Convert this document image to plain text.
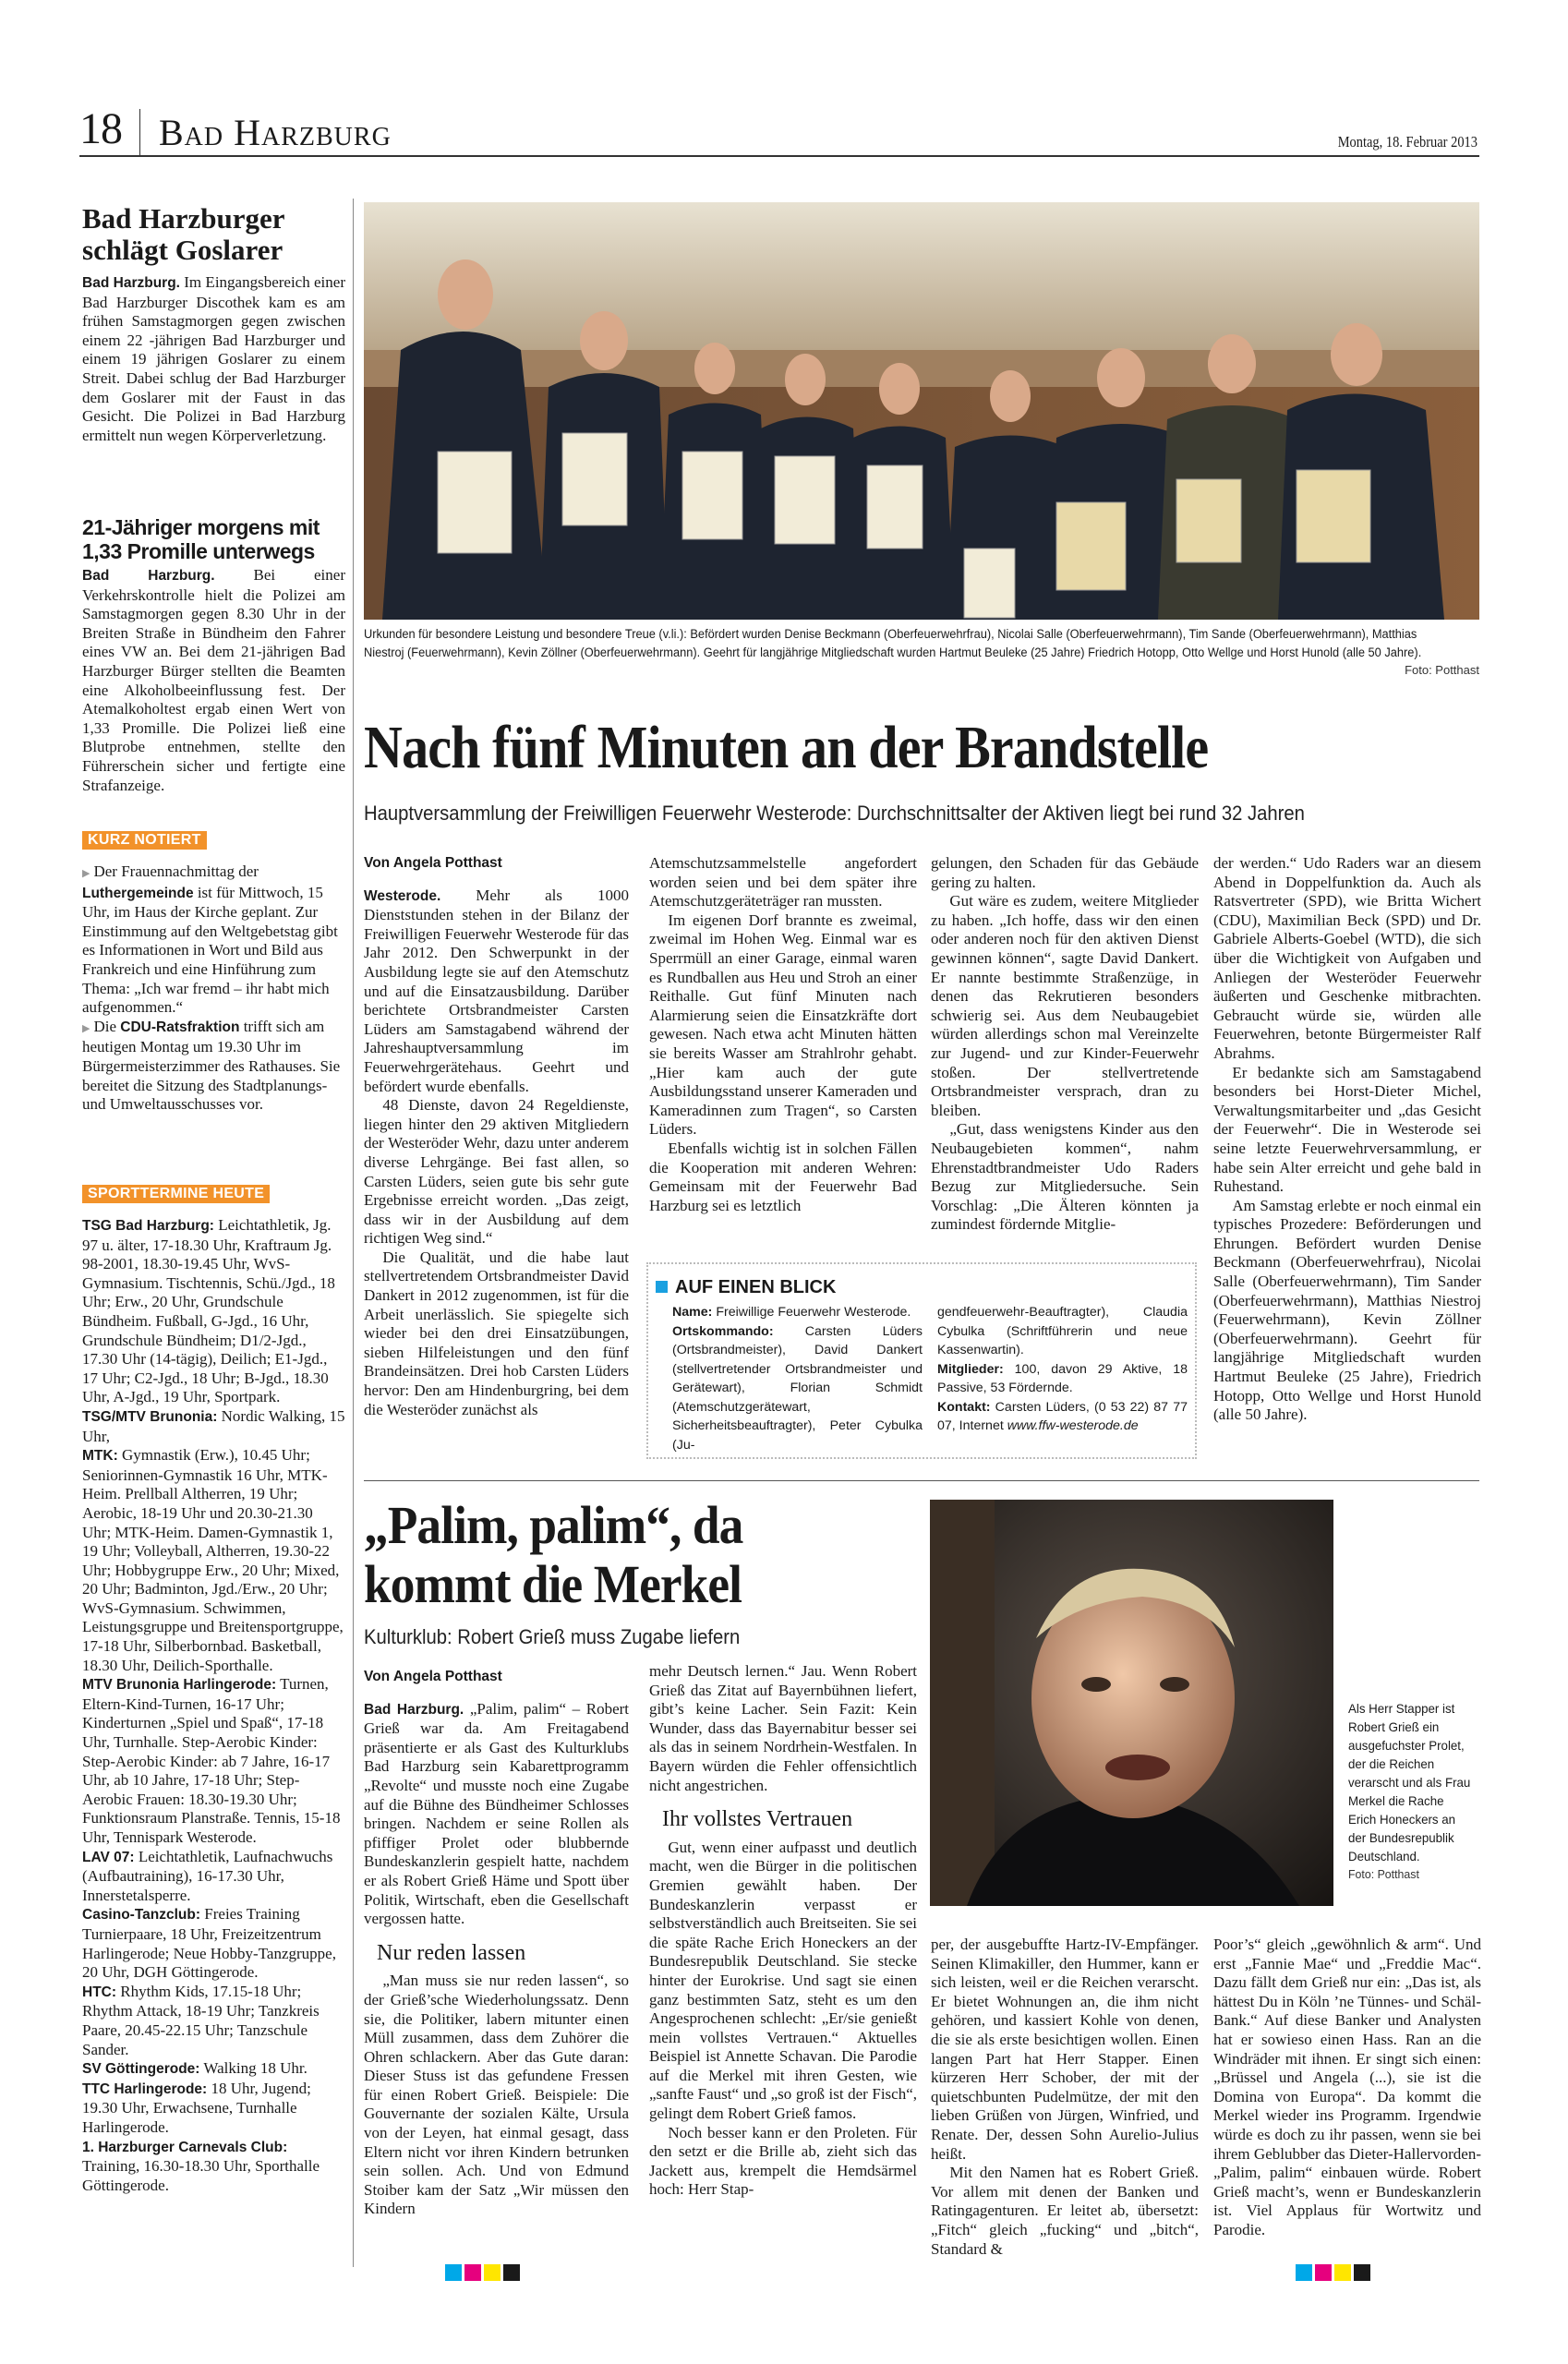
18 Bad Harzburg	Montag, 18. Februar 2013
Bad Harzburger schlägt Goslarer

Bad Harzburg. Im Eingangsbereich einer Bad Harzburger Discothek kam es am frühen Samstagmorgen gegen zwischen einem 22 -jährigen Bad Harzburger und einem 19 jährigen Goslarer zu einem Streit. Dabei schlug der Bad Harzburger dem Goslarer mit der Faust in das Gesicht. Die Polizei in Bad Harzburg ermittelt nun wegen Körperverletzung.

21-Jähriger morgens mit 1,33 Promille unterwegs

Bad Harzburg. Bei einer Verkehrskontrolle hielt die Polizei am Samstagmorgen gegen 8.30 Uhr in der Breiten Straße in Bündheim den Fahrer eines VW an. Bei dem 21-jährigen Bad Harzburger Bürger stellten die Beamten eine Alkoholbeeinflussung fest. Der Atemalkoholtest ergab einen Wert von 1,33 Promille. Die Polizei ließ eine Blutprobe entnehmen, stellte den Führerschein sicher und fertigte eine Strafanzeige.

KURZ NOTIERT

▶ Der Frauennachmittag der Luthergemeinde ist für Mittwoch, 15 Uhr, im Haus der Kirche geplant. Zur Einstimmung auf den Weltgebetstag gibt es Informationen in Wort und Bild aus Frankreich und eine Hinführung zum Thema: „Ich war fremd – ihr habt mich aufgenommen.“

▶ Die CDU-Ratsfraktion trifft sich am heutigen Montag um 19.30 Uhr im Bürgermeisterzimmer des Rathauses. Sie bereitet die Sitzung des Stadtplanungs- und Umweltausschusses vor.

SPORTTERMINE HEUTE

TSG Bad Harzburg: Leichtathletik, Jg. 97 u. älter, 17-18.30 Uhr, Kraftraum Jg. 98-2001, 18.30-19.45 Uhr, WvS-Gymnasium. Tischtennis, Schü./Jgd., 18 Uhr; Erw., 20 Uhr, Grundschule Bündheim. Fußball, G-Jgd., 16 Uhr, Grundschule Bündheim; D1/2-Jgd., 17.30 Uhr (14-tägig), Deilich; E1-Jgd., 17 Uhr; C2-Jgd., 18 Uhr; B-Jgd., 18.30 Uhr, A-Jgd., 19 Uhr, Sportpark.

TSG/MTV Brunonia: Nordic Walking, 15 Uhr,

MTK: Gymnastik (Erw.), 10.45 Uhr; Seniorinnen-Gymnastik 16 Uhr, MTK-Heim. Prellball Altherren, 19 Uhr; Aerobic, 18-19 Uhr und 20.30-21.30 Uhr; MTK-Heim. Damen-Gymnastik 1, 19 Uhr; Volleyball, Altherren, 19.30-22 Uhr; Hobbygruppe Erw., 20 Uhr; Mixed, 20 Uhr; Badminton, Jgd./Erw., 20 Uhr; WvS-Gymnasium. Schwimmen, Leistungsgruppe und Breitensportgruppe, 17-18 Uhr, Silberbornbad. Basketball, 18.30 Uhr, Deilich-Sporthalle.

MTV Brunonia Harlingerode: Turnen, Eltern-Kind-Turnen, 16-17 Uhr; Kinderturnen „Spiel und Spaß“, 17-18 Uhr, Turnhalle. Step-Aerobic Kinder: Step-Aerobic Kinder: ab 7 Jahre, 16-17 Uhr, ab 10 Jahre, 17-18 Uhr; Step-Aerobic Frauen: 18.30-19.30 Uhr; Funktionsraum Planstraße. Tennis, 15-18 Uhr, Tennispark Westerode.

LAV 07: Leichtathletik, Laufnachwuchs (Aufbautraining), 16-17.30 Uhr, Innerstetalsperre.

Casino-Tanzclub: Freies Training Turnierpaare, 18 Uhr, Freizeitzentrum Harlingerode; Neue Hobby-Tanzgruppe, 20 Uhr, DGH Göttingerode.

HTC: Rhythm Kids, 17.15-18 Uhr; Rhythm Attack, 18-19 Uhr; Tanzkreis Paare, 20.45-22.15 Uhr; Tanzschule Sander.

SV Göttingerode: Walking 18 Uhr.

TTC Harlingerode: 18 Uhr, Jugend; 19.30 Uhr, Erwachsene, Turnhalle Harlingerode.

1. Harzburger Carnevals Club: Training, 16.30-18.30 Uhr, Sporthalle Göttingerode.

Urkunden für besondere Leistung und besondere Treue (v.li.): Befördert wurden Denise Beckmann (Oberfeuerwehrfrau), Nicolai Salle (Oberfeuerwehrmann), Tim Sande (Oberfeuerwehrmann), Matthias Niestroj (Feuerwehrmann), Kevin Zöllner (Oberfeuerwehrmann). Geehrt für langjährige Mitgliedschaft wurden Hartmut Beuleke (25 Jahre) Friedrich Hotopp, Otto Wellge und Horst Hunold (alle 50 Jahre).
Foto: Potthast
Nach fünf Minuten an der Brandstelle
Hauptversammlung der Freiwilligen Feuerwehr Westerode: Durchschnittsalter der Aktiven liegt bei rund 32 Jahren
Von Angela Potthast

Westerode. Mehr als 1000 Dienststunden stehen in der Bilanz der Freiwilligen Feuerwehr Westerode für das Jahr 2012. Den Schwerpunkt in der Ausbildung legte sie auf den Atemschutz und auf die Einsatzausbildung. Darüber berichtete Ortsbrandmeister Carsten Lüders am Samstagabend während der Jahreshauptversammlung im Feuerwehrgerätehaus. Geehrt und befördert wurde ebenfalls.

48 Dienste, davon 24 Regeldienste, liegen hinter den 29 aktiven Mitgliedern der Westeröder Wehr, dazu unter anderem diverse Lehrgänge. Bei fast allen, so Carsten Lüders, seien gute bis sehr gute Ergebnisse erreicht worden. „Das zeigt, dass wir in der Ausbildung auf dem richtigen Weg sind.“

Die Qualität, und die habe laut stellvertretendem Ortsbrandmeister David Dankert in 2012 zugenommen, ist für die Arbeit unerlässlich. Sie spiegelte sich wieder bei den drei Einsatzübungen, sieben Hilfeleistungen und den fünf Brandeinsätzen. Drei hob Carsten Lüders hervor: Den am Hindenburgring, bei dem die Westeröder zunächst als

Atemschutzsammelstelle angefordert worden seien und bei dem später ihre Atemschutzgeräteträger ran mussten.

Im eigenen Dorf brannte es zweimal, zweimal im Hohen Weg. Einmal war es Sperrmüll an einer Garage, einmal waren es Rundballen aus Heu und Stroh an einer Reithalle. Gut fünf Minuten nach Alarmierung seien die Einsatzkräfte dort gewesen. Nach etwa acht Minuten hätten sie bereits Wasser am Strahlrohr gehabt. „Hier kam auch der gute Ausbildungsstand unserer Kameraden und Kameradinnen zum Tragen“, so Carsten Lüders.

Ebenfalls wichtig ist in solchen Fällen die Kooperation mit anderen Wehren: Gemeinsam mit der Feuerwehr Bad Harzburg sei es letztlich

gelungen, den Schaden für das Gebäude gering zu halten.

Gut wäre es zudem, weitere Mitglieder zu haben. „Ich hoffe, dass wir den einen oder anderen noch für den aktiven Dienst gewinnen können“, sagte David Dankert. Er nannte bestimmte Straßenzüge, in denen das Rekrutieren besonders schwierig sei. Aus dem Neubaugebiet würden allerdings schon mal Vereinzelte zur Jugend- und zur Kinder-Feuerwehr stoßen. Der stellvertretende Ortsbrandmeister versprach, dran zu bleiben.

„Gut, dass wenigstens Kinder aus den Neubaugebieten kommen“, nahm Ehrenstadtbrandmeister Udo Raders Bezug zur Mitgliedersuche. Sein Vorschlag: „Die Älteren könnten ja zumindest fördernde Mitglie-

der werden.“ Udo Raders war an diesem Abend in Doppelfunktion da. Auch als Ratsvertreter (SPD), wie Britta Wichert (CDU), Maximilian Beck (SPD) und Dr. Gabriele Alberts-Goebel (WTD), die sich über die Wichtigkeit von Aufgaben und Anliegen der Westeröder Feuerwehr äußerten und Geschenke mitbrachten. Gebraucht würde sie, würden alle Feuerwehren, betonte Bürgermeister Ralf Abrahms.

Er bedankte sich am Samstagabend besonders bei Horst-Dieter Michel, Verwaltungsmitarbeiter und „das Gesicht der Feuerwehr“. Die in Westerode sei seine letzte Feuerwehrversammlung, er habe sein Alter erreicht und gehe bald in Ruhestand.

Am Samstag erlebte er noch einmal ein typisches Prozedere: Beförderungen und Ehrungen. Befördert wurden Denise Beckmann (Oberfeuerwehrfrau), Nicolai Salle (Oberfeuerwehrmann), Tim Sander (Oberfeuerwehrmann), Matthias Niestroj (Feuerwehrmann), Kevin Zöllner (Oberfeuerwehrmann). Geehrt für langjährige Mitgliedschaft wurden Hartmut Beuleke (25 Jahre), Friedrich Hotopp, Otto Wellge und Horst Hunold (alle 50 Jahre).

AUF EINEN BLICK
Name: Freiwillige Feuerwehr Westerode.
Ortskommando: Carsten Lüders (Ortsbrandmeister), David Dankert (stellvertretender Ortsbrandmeister und Gerätewart), Florian Schmidt (Atemschutzgerätewart, Sicherheitsbeauftragter), Peter Cybulka (Ju-
gendfeuerwehr-Beauftragter), Claudia Cybulka (Schriftführerin und neue Kassenwartin).
Mitglieder: 100, davon 29 Aktive, 18 Passive, 53 Fördernde.
Kontakt: Carsten Lüders, (0 53 22) 87 77 07, Internet www.ffw-westerode.de
„Palim, palim“, da
kommt die Merkel
Kulturklub: Robert Grieß muss Zugabe liefern
Als Herr Stapper ist Robert Grieß ein ausgefuchster Prolet, der die Reichen verarscht und als Frau Merkel die Rache Erich Honeckers an der Bundesrepublik Deutschland.
Foto: Potthast
Von Angela Potthast

Bad Harzburg. „Palim, palim“ – Robert Grieß war da. Am Freitagabend präsentierte er als Gast des Kulturklubs Bad Harzburg sein Kabarettprogramm „Revolte“ und musste noch eine Zugabe auf die Bühne des Bündheimer Schlosses bringen. Nachdem er seine Rollen als pfiffiger Prolet oder blubbernde Bundeskanzlerin gespielt hatte, nachdem er als Robert Grieß Häme und Spott über Politik, Wirtschaft, eben die Gesellschaft vergossen hatte.

Nur reden lassen

„Man muss sie nur reden lassen“, so der Grieß’sche Wiederholungssatz. Denn sie, die Politiker, labern mitunter einen Müll zusammen, dass dem Zuhörer die Ohren schlackern. Aber das Gute daran: Dieser Stuss ist das gefundene Fressen für einen Robert Grieß. Beispiele: Die Gouvernante der sozialen Kälte, Ursula von der Leyen, hat einmal gesagt, dass Eltern nicht vor ihren Kindern betrunken sein sollen. Ach. Und von Edmund Stoiber kam der Satz „Wir müssen den Kindern

mehr Deutsch lernen.“ Jau. Wenn Robert Grieß das Zitat auf Bayernbühnen liefert, gibt’s keine Lacher. Sein Fazit: Kein Wunder, dass das Bayernabitur besser sei als das in seinem Nordrhein-Westfalen. In Bayern würden die Fehler offensichtlich nicht angestrichen.

Ihr vollstes Vertrauen

Gut, wenn einer aufpasst und deutlich macht, wen die Bürger in die politischen Gremien gewählt haben. Der Bundeskanzlerin verpasst er selbstverständlich auch Breitseiten. Sie sei die späte Rache Erich Honeckers an der Bundesrepublik Deutschland. Sie stecke hinter der Eurokrise. Und sagt sie einen ganz bestimmten Satz, steht es um den Angesprochenen schlecht: „Er/sie genießt mein vollstes Vertrauen.“ Aktuelles Beispiel ist Annette Schavan. Die Parodie auf die Merkel mit ihren Gesten, wie „sanfte Faust“ und „so groß ist der Fisch“, gelingt dem Robert Grieß famos.

Noch besser kann er den Proleten. Für den setzt er die Brille ab, zieht sich das Jackett aus, krempelt die Hemdsärmel hoch: Herr Stap-

per, der ausgebuffte Hartz-IV-Empfänger. Seinen Klimakiller, den Hummer, kann er sich leisten, weil er die Reichen verarscht. Er bietet Wohnungen an, die ihm nicht gehören, und kassiert Kohle von denen, die sie als erste besichtigen wollen. Einen langen Part hat Herr Stapper. Einen kürzeren Herr Schober, der mit der quietschbunten Pudelmütze, der mit den lieben Grüßen von Jürgen, Winfried, und Renate. Der, dessen Sohn Aurelio-Julius heißt.

Mit den Namen hat es Robert Grieß. Vor allem mit denen der Banken und Ratingagenturen. Er leitet ab, übersetzt: „Fitch“ gleich „fucking“ und „bitch“, Standard &

Poor’s“ gleich „gewöhnlich & arm“. Und erst „Fannie Mae“ und „Freddie Mac“. Dazu fällt dem Grieß nur ein: „Das ist, als hättest Du in Köln ’ne Tünnes- und Schäl-Bank.“ Auf diese Banker und Analysten hat er sowieso einen Hass. Ran an die Windräder mit ihnen. Er singt sich einen: „Brüssel und Angela (...), sie ist die Domina von Europa“. Da kommt die Merkel wieder ins Programm. Irgendwie würde es doch zu ihr passen, wenn sie bei ihrem Geblubber das Dieter-Hallervorden-„Palim, palim“ einbauen würde. Robert Grieß macht’s, wenn er Bundeskanzlerin ist. Viel Applaus für Wortwitz und Parodie.
